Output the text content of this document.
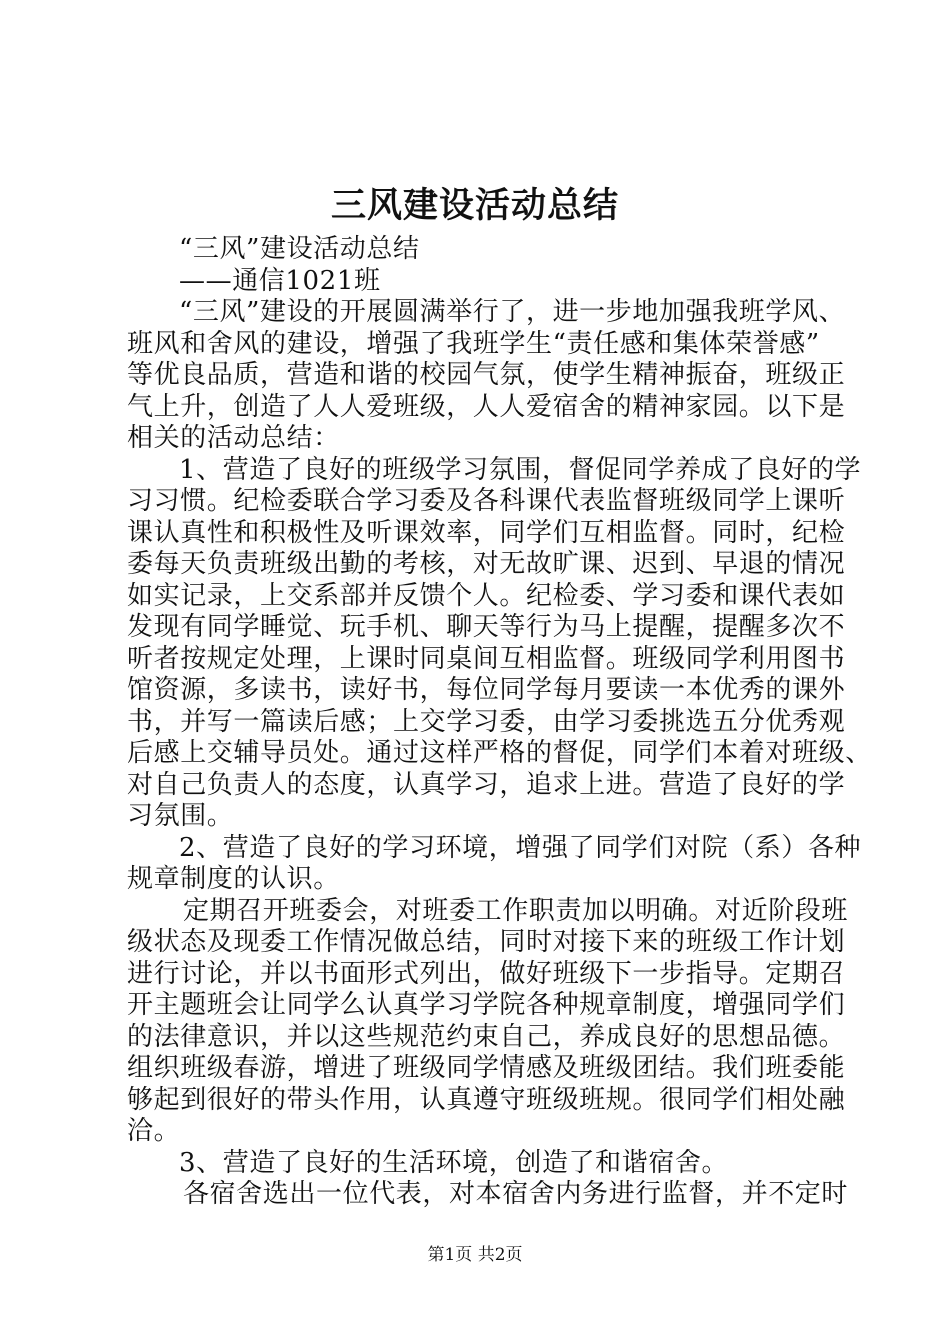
三风建设活动总结
“三风”建设活动总结
——通信1021班
“三风”建设的开展圆满举行了，进一步地加强我班学风、
班风和舍风的建设，增强了我班学生“责任感和集体荣誉感”
等优良品质，营造和谐的校园气氛，使学生精神振奋，班级正
气上升，创造了人人爱班级，人人爱宿舍的精神家园。以下是
相关的活动总结：
1、营造了良好的班级学习氛围，督促同学养成了良好的学
习习惯。纪检委联合学习委及各科课代表监督班级同学上课听
课认真性和积极性及听课效率，同学们互相监督。同时，纪检
委每天负责班级出勤的考核，对无故旷课、迟到、早退的情况
如实记录，上交系部并反馈个人。纪检委、学习委和课代表如
发现有同学睡觉、玩手机、聊天等行为马上提醒，提醒多次不
听者按规定处理，上课时同桌间互相监督。班级同学利用图书
馆资源，多读书，读好书，每位同学每月要读一本优秀的课外
书，并写一篇读后感；上交学习委，由学习委挑选五分优秀观
后感上交辅导员处。通过这样严格的督促，同学们本着对班级、
对自己负责人的态度，认真学习，追求上进。营造了良好的学
习氛围。
2、营造了良好的学习环境，增强了同学们对院（系）各种
规章制度的认识。
定期召开班委会，对班委工作职责加以明确。对近阶段班
级状态及现委工作情况做总结，同时对接下来的班级工作计划
进行讨论，并以书面形式列出，做好班级下一步指导。定期召
开主题班会让同学么认真学习学院各种规章制度，增强同学们
的法律意识，并以这些规范约束自己，养成良好的思想品德。
组织班级春游，增进了班级同学情感及班级团结。我们班委能
够起到很好的带头作用，认真遵守班级班规。很同学们相处融
洽。
3、营造了良好的生活环境，创造了和谐宿舍。
各宿舍选出一位代表，对本宿舍内务进行监督，并不定时
第1页 共2页
